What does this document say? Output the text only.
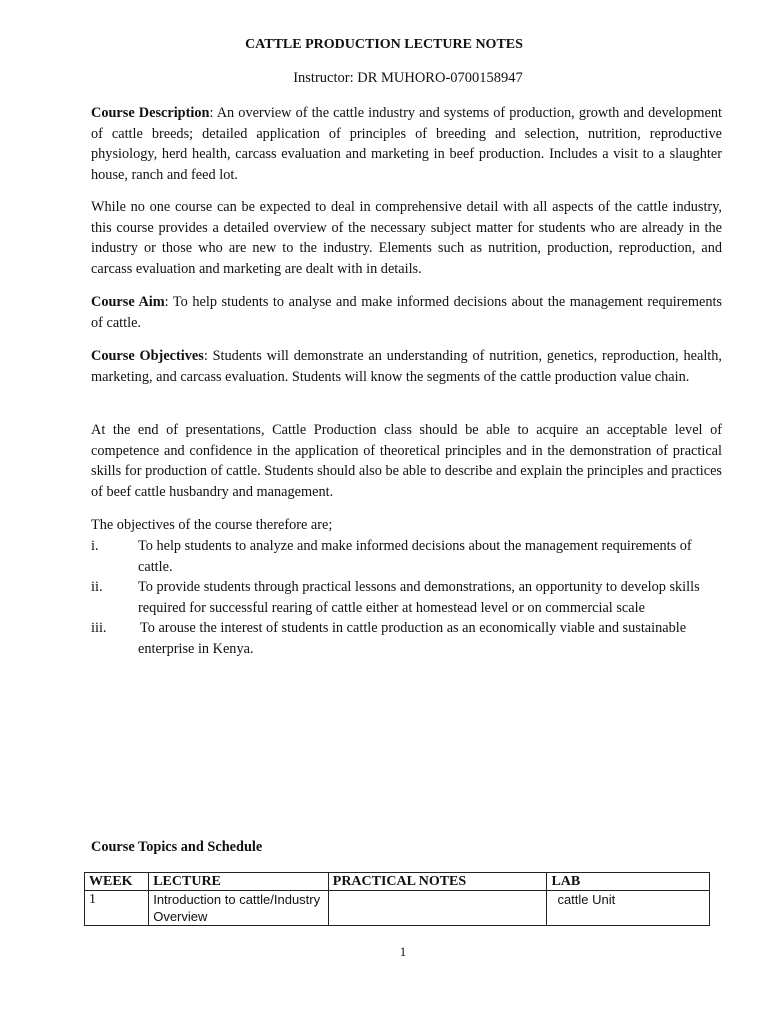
CATTLE PRODUCTION LECTURE NOTES
Instructor: DR MUHORO-0700158947

Course Description: An overview of the cattle industry and systems of production, growth and development of cattle breeds; detailed application of principles of breeding and selection, nutrition, reproductive physiology, herd health, carcass evaluation and marketing in beef production. Includes a visit to a slaughter house, ranch and feed lot.

While no one course can be expected to deal in comprehensive detail with all aspects of the cattle industry, this course provides a detailed overview of the necessary subject matter for students who are already in the industry or those who are new to the industry. Elements such as nutrition, production, reproduction, and carcass evaluation and marketing are dealt with in details.

Course Aim: To help students to analyse and make informed decisions about the management requirements of cattle.

Course Objectives: Students will demonstrate an understanding of nutrition, genetics, reproduction, health, marketing, and carcass evaluation. Students will know the segments of the cattle production value chain.

At the end of presentations, Cattle Production class should be able to acquire an acceptable level of competence and confidence in the application of theoretical principles and in the demonstration of practical skills for production of cattle. Students should also be able to describe and explain the principles and practices of beef cattle husbandry and management.

The objectives of the course therefore are;

i.	To help students to analyze and make informed decisions about the management requirements of cattle.
ii. To provide students through practical lessons and demonstrations, an opportunity to develop skills required for successful rearing of cattle either at homestead level or on commercial scale
iii. To arouse the interest of students in cattle production as an economically viable and sustainable enterprise in Kenya.

Course Topics and Schedule

WEEK	LECTURE	PRACTICAL NOTES	LAB
1	Introduction to cattle/Industry Overview		cattle Unit
1
